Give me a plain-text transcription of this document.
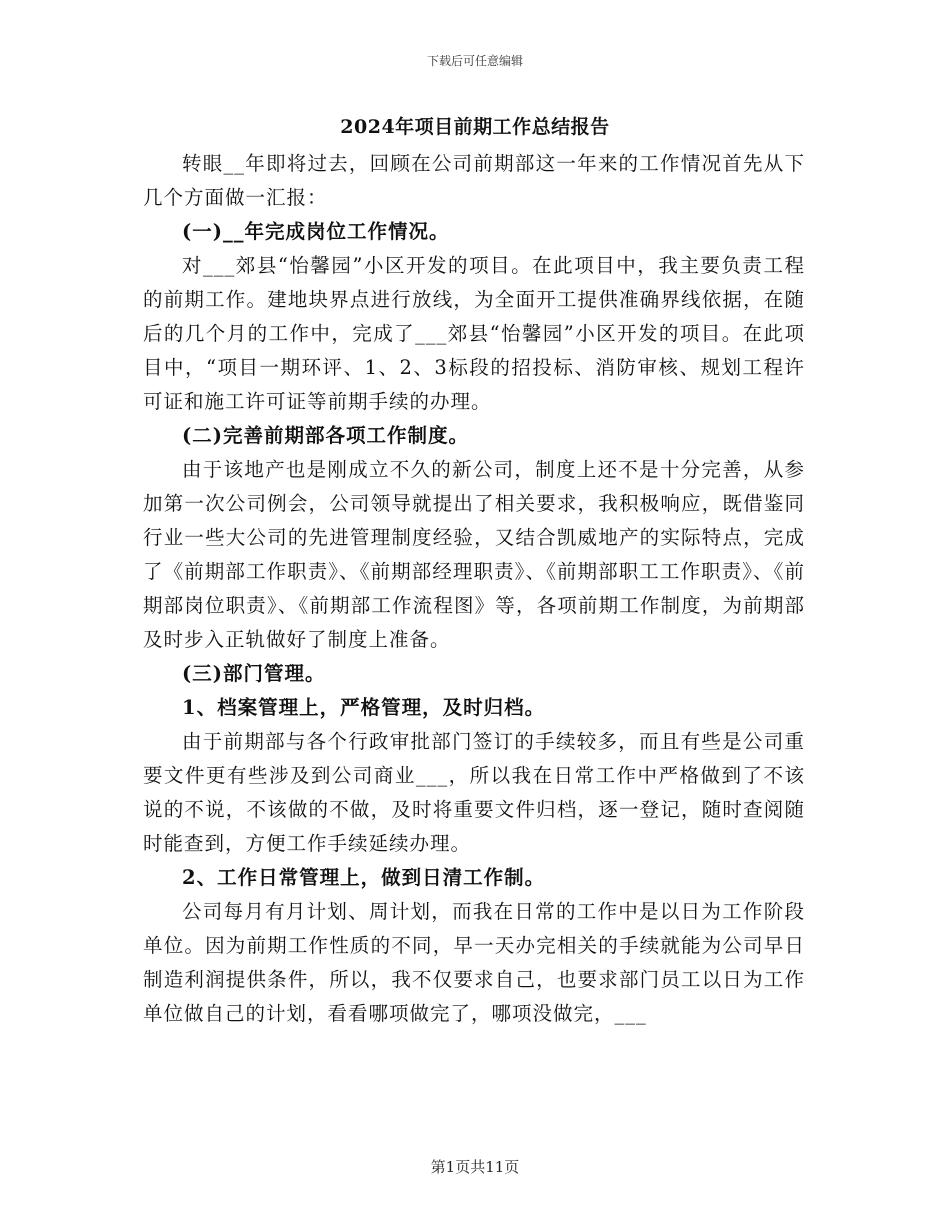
下载后可任意编辑
2024年项目前期工作总结报告

转眼__年即将过去，回顾在公司前期部这一年来的工作情况首先从下几个方面做一汇报：

(一)__年完成岗位工作情况。

对___郊县“怡馨园”小区开发的项目。在此项目中，我主要负责工程的前期工作。建地块界点进行放线，为全面开工提供准确界线依据，在随后的几个月的工作中，完成了___郊县“怡馨园”小区开发的项目。在此项目中，“项目一期环评、1、2、3标段的招投标、消防审核、规划工程许可证和施工许可证等前期手续的办理。

(二)完善前期部各项工作制度。

由于该地产也是刚成立不久的新公司，制度上还不是十分完善，从参加第一次公司例会，公司领导就提出了相关要求，我积极响应，既借鉴同行业一些大公司的先进管理制度经验，又结合凯威地产的实际特点，完成了《前期部工作职责》、《前期部经理职责》、《前期部职工工作职责》、《前期部岗位职责》、《前期部工作流程图》等，各项前期工作制度，为前期部及时步入正轨做好了制度上准备。

(三)部门管理。

1、档案管理上，严格管理，及时归档。

由于前期部与各个行政审批部门签订的手续较多，而且有些是公司重要文件更有些涉及到公司商业___，所以我在日常工作中严格做到了不该说的不说，不该做的不做，及时将重要文件归档，逐一登记，随时查阅随时能查到，方便工作手续延续办理。

2、工作日常管理上，做到日清工作制。

公司每月有月计划、周计划，而我在日常的工作中是以日为工作阶段单位。因为前期工作性质的不同，早一天办完相关的手续就能为公司早日制造利润提供条件，所以，我不仅要求自己，也要求部门员工以日为工作单位做自己的计划，看看哪项做完了，哪项没做完，___

第1页共11页
